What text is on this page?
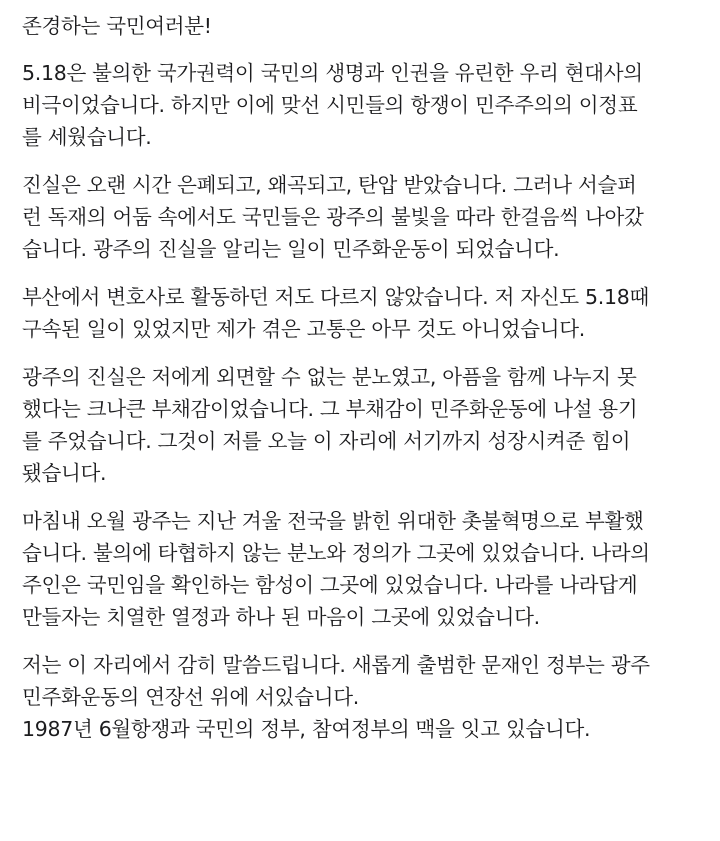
존경하는 국민여러분!
5.18은 불의한 국가권력이 국민의 생명과 인권을 유린한 우리 현대사의
비극이었습니다. 하지만 이에 맞선 시민들의 항쟁이 민주주의의 이정표
를 세웠습니다.
진실은 오랜 시간 은폐되고, 왜곡되고, 탄압 받았습니다. 그러나 서슬퍼
런 독재의 어둠 속에서도 국민들은 광주의 불빛을 따라 한걸음씩 나아갔
습니다. 광주의 진실을 알리는 일이 민주화운동이 되었습니다.
부산에서 변호사로 활동하던 저도 다르지 않았습니다. 저 자신도 5.18때
구속된 일이 있었지만 제가 겪은 고통은 아무 것도 아니었습니다.
광주의 진실은 저에게 외면할 수 없는 분노였고, 아픔을 함께 나누지 못
했다는 크나큰 부채감이었습니다. 그 부채감이 민주화운동에 나설 용기
를 주었습니다. 그것이 저를 오늘 이 자리에 서기까지 성장시켜준 힘이
됐습니다.
마침내 오월 광주는 지난 겨울 전국을 밝힌 위대한 촛불혁명으로 부활했
습니다. 불의에 타협하지 않는 분노와 정의가 그곳에 있었습니다. 나라의
주인은 국민임을 확인하는 함성이 그곳에 있었습니다. 나라를 나라답게
만들자는 치열한 열정과 하나 된 마음이 그곳에 있었습니다.
저는 이 자리에서 감히 말씀드립니다. 새롭게 출범한 문재인 정부는 광주
민주화운동의 연장선 위에 서있습니다.
1987년 6월항쟁과 국민의 정부, 참여정부의 맥을 잇고 있습니다.
